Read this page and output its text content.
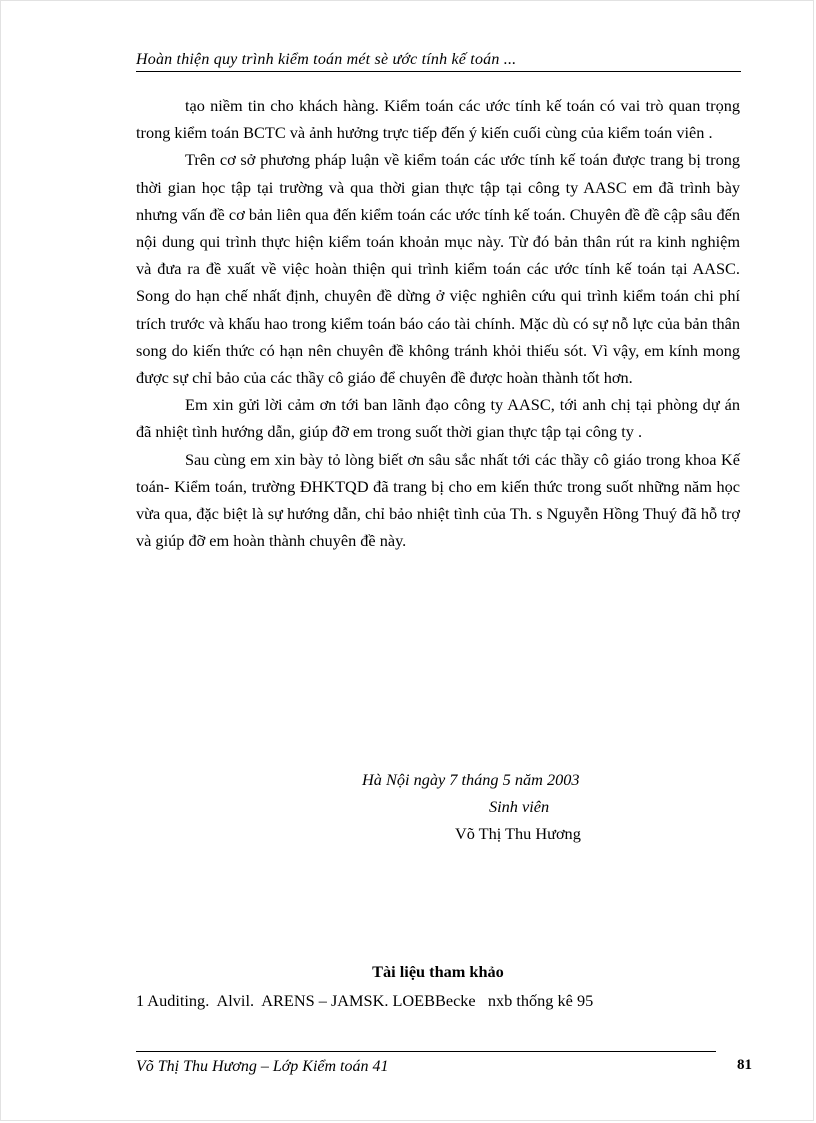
Hoàn thiện quy trình kiểm toán mét sè ước tính kế toán ...

tạo niềm tin cho khách hàng. Kiểm toán các ước tính kế toán có vai trò quan trọng trong kiểm toán BCTC và ảnh hưởng trực tiếp đến ý kiến cuối cùng của kiểm toán viên .

Trên cơ sở phương pháp luận về kiểm toán các ước tính kế toán được trang bị trong thời gian học tập tại trường và qua thời gian thực tập tại công ty AASC em đã trình bày nhưng vấn đề cơ bản liên qua đến kiểm toán các ước tính kế toán. Chuyên đề đề cập sâu đến nội dung qui trình thực hiện kiểm toán khoản mục này. Từ đó bản thân rút ra kinh nghiệm và đưa ra đề xuất về việc hoàn thiện qui trình kiểm toán các ước tính kế toán tại AASC. Song do hạn chế nhất định, chuyên đề dừng ở việc nghiên cứu qui trình kiểm toán chi phí trích trước và khấu hao trong kiểm toán báo cáo tài chính. Mặc dù có sự nỗ lực của bản thân song do kiến thức có hạn nên chuyên đề không tránh khỏi thiếu sót. Vì vậy, em kính mong được sự chỉ bảo của các thầy cô giáo để chuyên đề được hoàn thành tốt hơn.

Em xin gửi lời cảm ơn tới ban lãnh đạo công ty AASC, tới anh chị tại phòng dự án đã nhiệt tình hướng dẫn, giúp đỡ em trong suốt thời gian thực tập tại công ty .

Sau cùng em xin bày tỏ lòng biết ơn sâu sắc nhất tới các thầy cô giáo trong khoa Kế toán- Kiểm toán, trường ĐHKTQD đã trang bị cho em kiến thức trong suốt những năm học vừa qua, đặc biệt là sự hướng dẫn, chỉ bảo nhiệt tình của Th. s Nguyễn Hồng Thuý đã hỗ trợ và giúp đỡ em hoàn thành chuyên đề này.

Hà Nội ngày 7 tháng 5 năm 2003
Sinh viên
Võ Thị Thu Hương
Tài liệu tham khảo
1 Auditing.  Alvil.  ARENS – JAMSK. LOEBBecke   nxb thống kê 95
Võ Thị Thu Hương – Lớp Kiểm toán 41	81
